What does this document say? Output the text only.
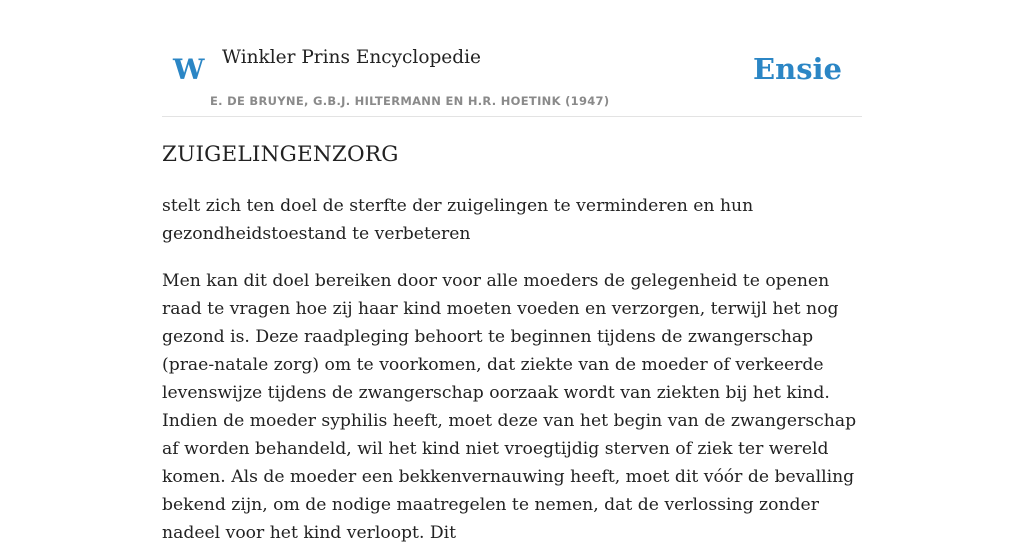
W Winkler Prins Encyclopedie
E. DE BRUYNE, G.B.J. HILTERMANN EN H.R. HOETINK (1947)
Ensie
ZUIGELINGENZORG

stelt zich ten doel de sterfte der zuigelingen te verminderen en hun gezondheidstoestand te verbeteren

Men kan dit doel bereiken door voor alle moeders de gelegenheid te openen raad te vragen hoe zij haar kind moeten voeden en verzorgen, terwijl het nog gezond is. Deze raadpleging behoort te beginnen tijdens de zwangerschap (prae-natale zorg) om te voorkomen, dat ziekte van de moeder of verkeerde levenswijze tijdens de zwangerschap oorzaak wordt van ziekten bij het kind. Indien de moeder syphilis heeft, moet deze van het begin van de zwangerschap af worden behandeld, wil het kind niet vroegtijdig sterven of ziek ter wereld komen. Als de moeder een bekkenvernauwing heeft, moet dit vóór de bevalling bekend zijn, om de nodige maatregelen te nemen, dat de verlossing zonder nadeel voor het kind verloopt. Dit
